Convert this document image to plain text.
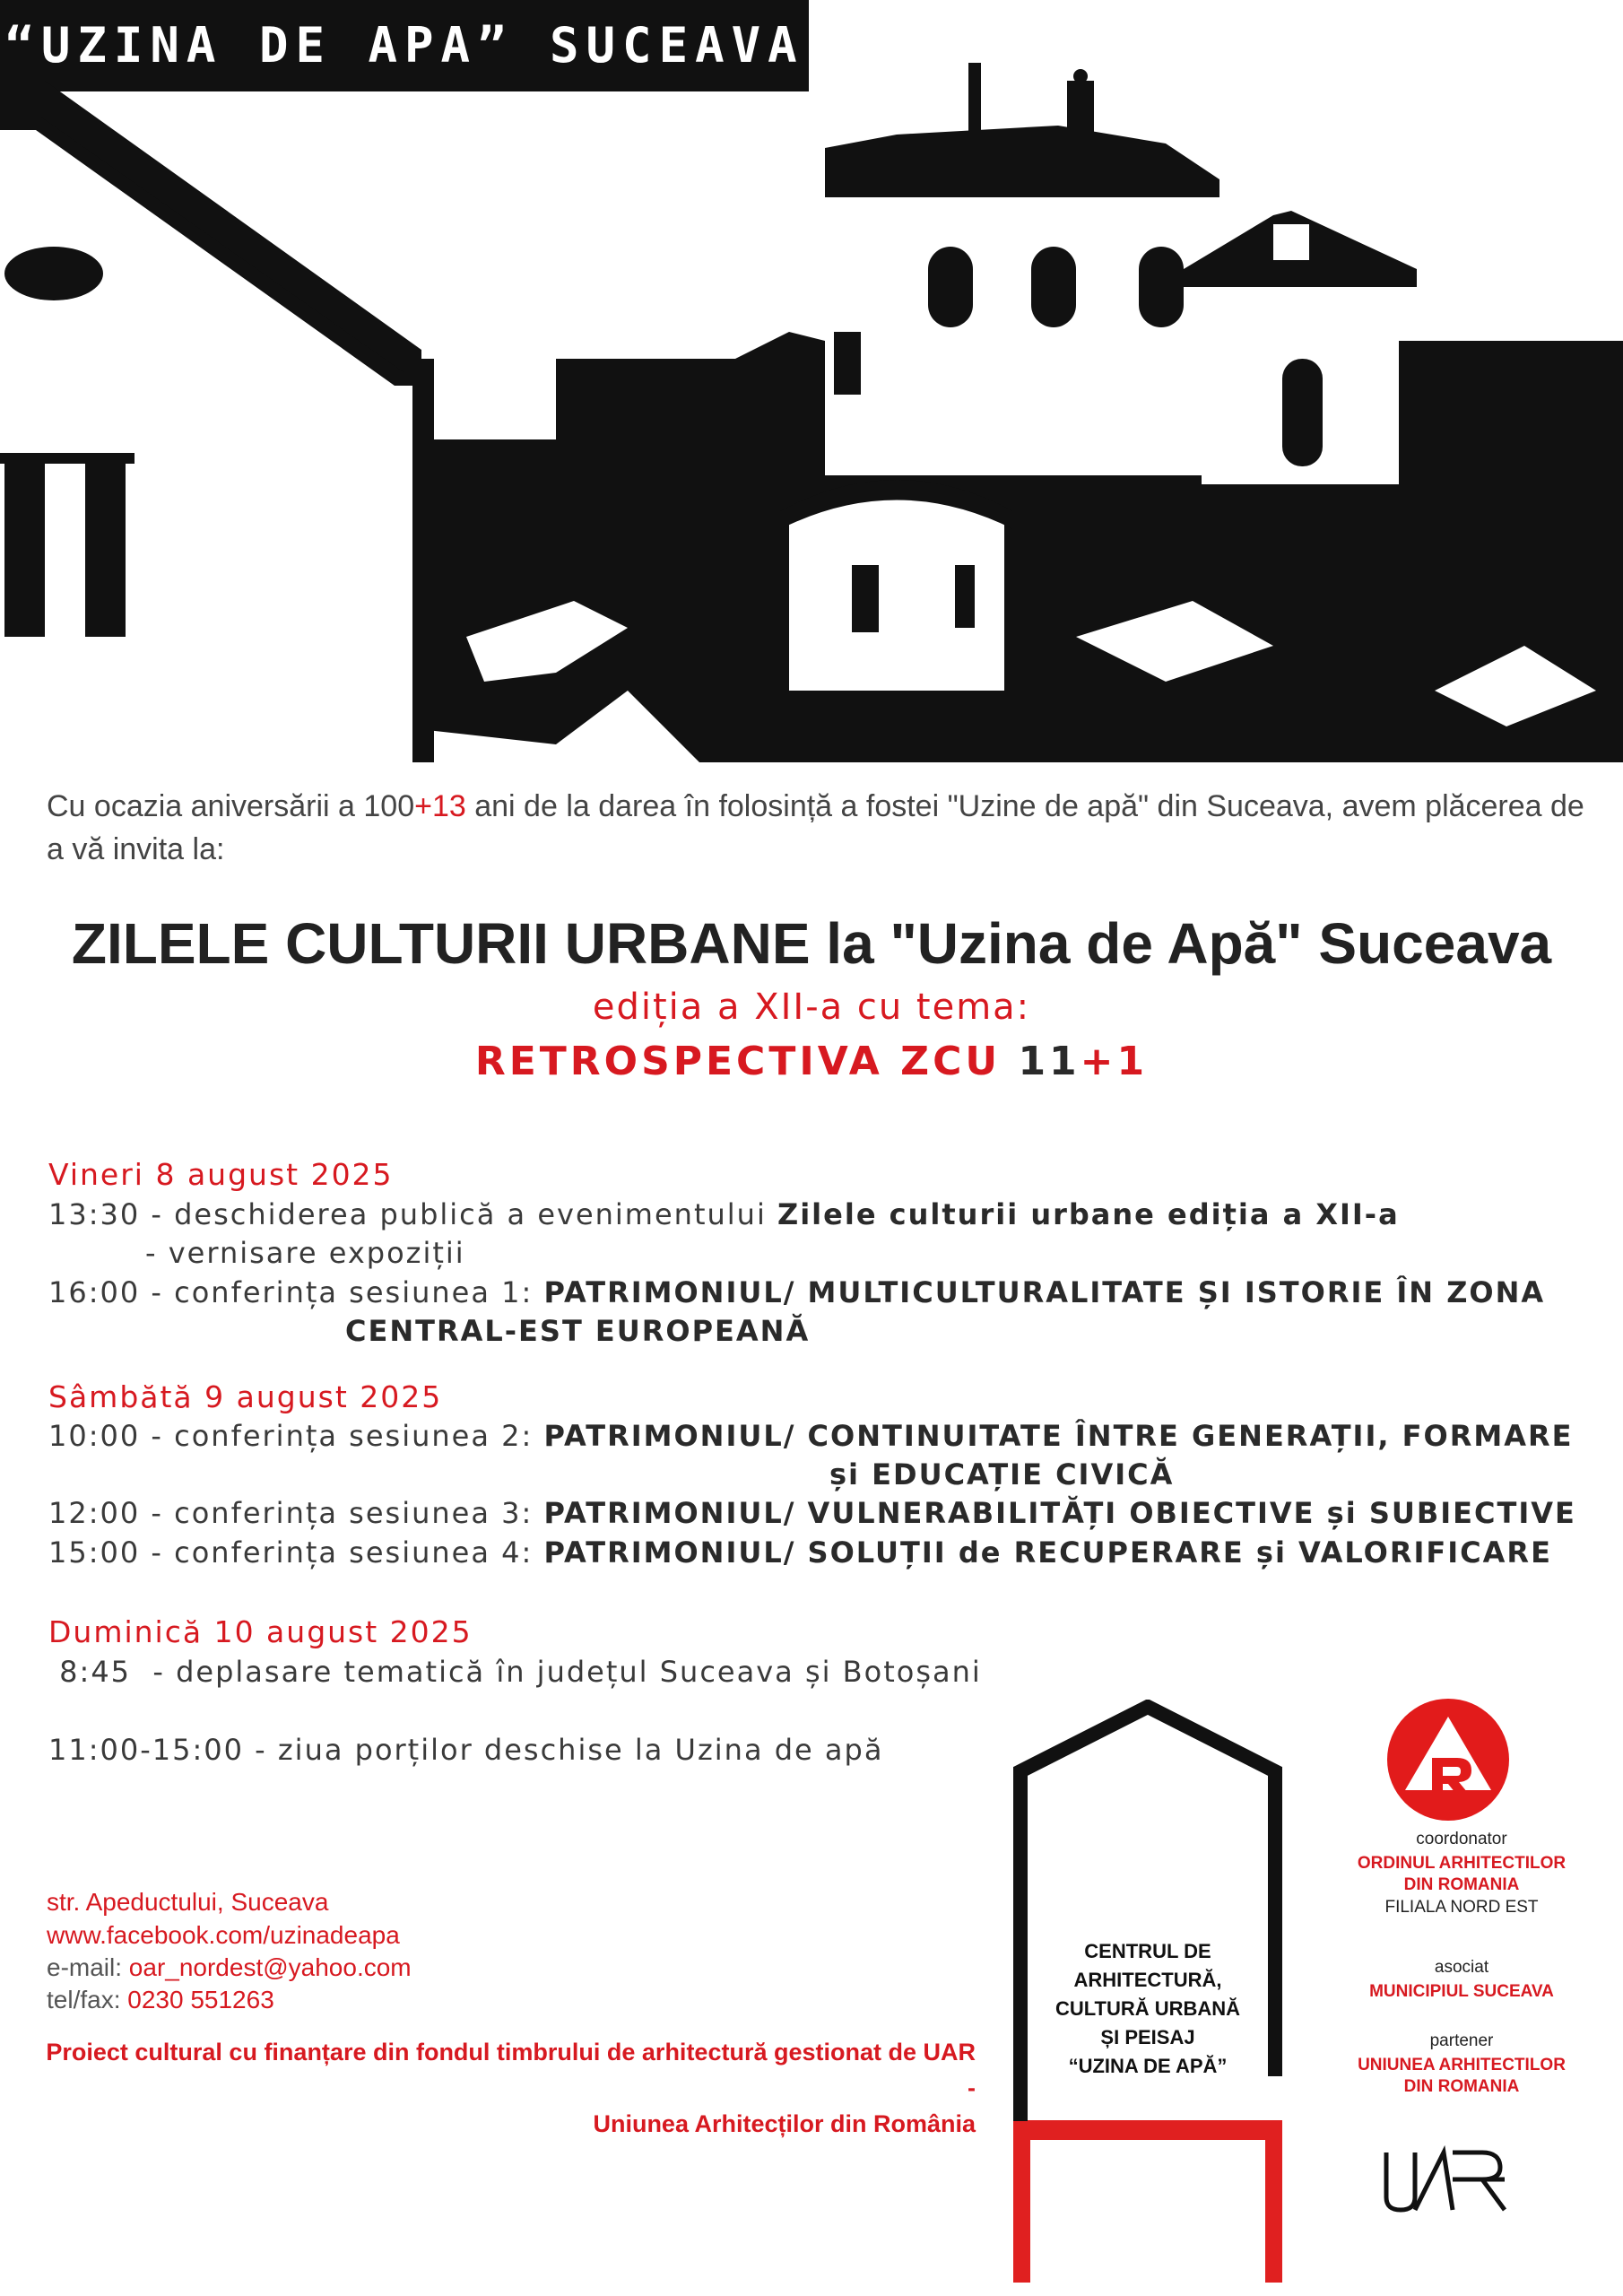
“UZINA DE APA” SUCEAVA
Cu ocazia aniversării a 100+13 ani de la darea în folosință a fostei "Uzine de apă" din Suceava, avem plăcerea de a vă invita la:
ZILELE CULTURII URBANE la "Uzina de Apă" Suceava
ediția a XII-a cu tema:
RETROSPECTIVA ZCU 11+1
Vineri 8 august 2025
13:30 - deschiderea publică a evenimentului Zilele culturii urbane ediția a XII-a
- vernisare expoziții
16:00 - conferința sesiunea 1: PATRIMONIUL/ MULTICULTURALITATE ȘI ISTORIE ÎN ZONA
CENTRAL-EST EUROPEANĂ
Sâmbătă 9 august 2025
10:00 - conferința sesiunea 2: PATRIMONIUL/ CONTINUITATE ÎNTRE GENERAȚII, FORMARE
și EDUCAȚIE CIVICĂ
12:00 - conferința sesiunea 3: PATRIMONIUL/ VULNERABILITĂȚI OBIECTIVE și SUBIECTIVE
15:00 - conferința sesiunea 4: PATRIMONIUL/ SOLUȚII de RECUPERARE și VALORIFICARE
Duminică 10 august 2025
8:45  - deplasare tematică în județul Suceava și Botoșani
11:00-15:00 - ziua porților deschise la Uzina de apă
str. Apeductului, Suceava
www.facebook.com/uzinadeapa
e-mail: oar_nordest@yahoo.com
tel/fax: 0230 551263
Proiect cultural cu finanțare din fondul timbrului de arhitectură gestionat de UAR -
Uniunea Arhitecților din România
CENTRUL DE
ARHITECTURĂ,
CULTURĂ URBANĂ
ȘI PEISAJ
“UZINA DE APĂ”
coordonator
ORDINUL ARHITECTILOR
DIN ROMANIA
FILIALA NORD EST
asociat
MUNICIPIUL SUCEAVA
partener
UNIUNEA ARHITECTILOR
DIN ROMANIA
